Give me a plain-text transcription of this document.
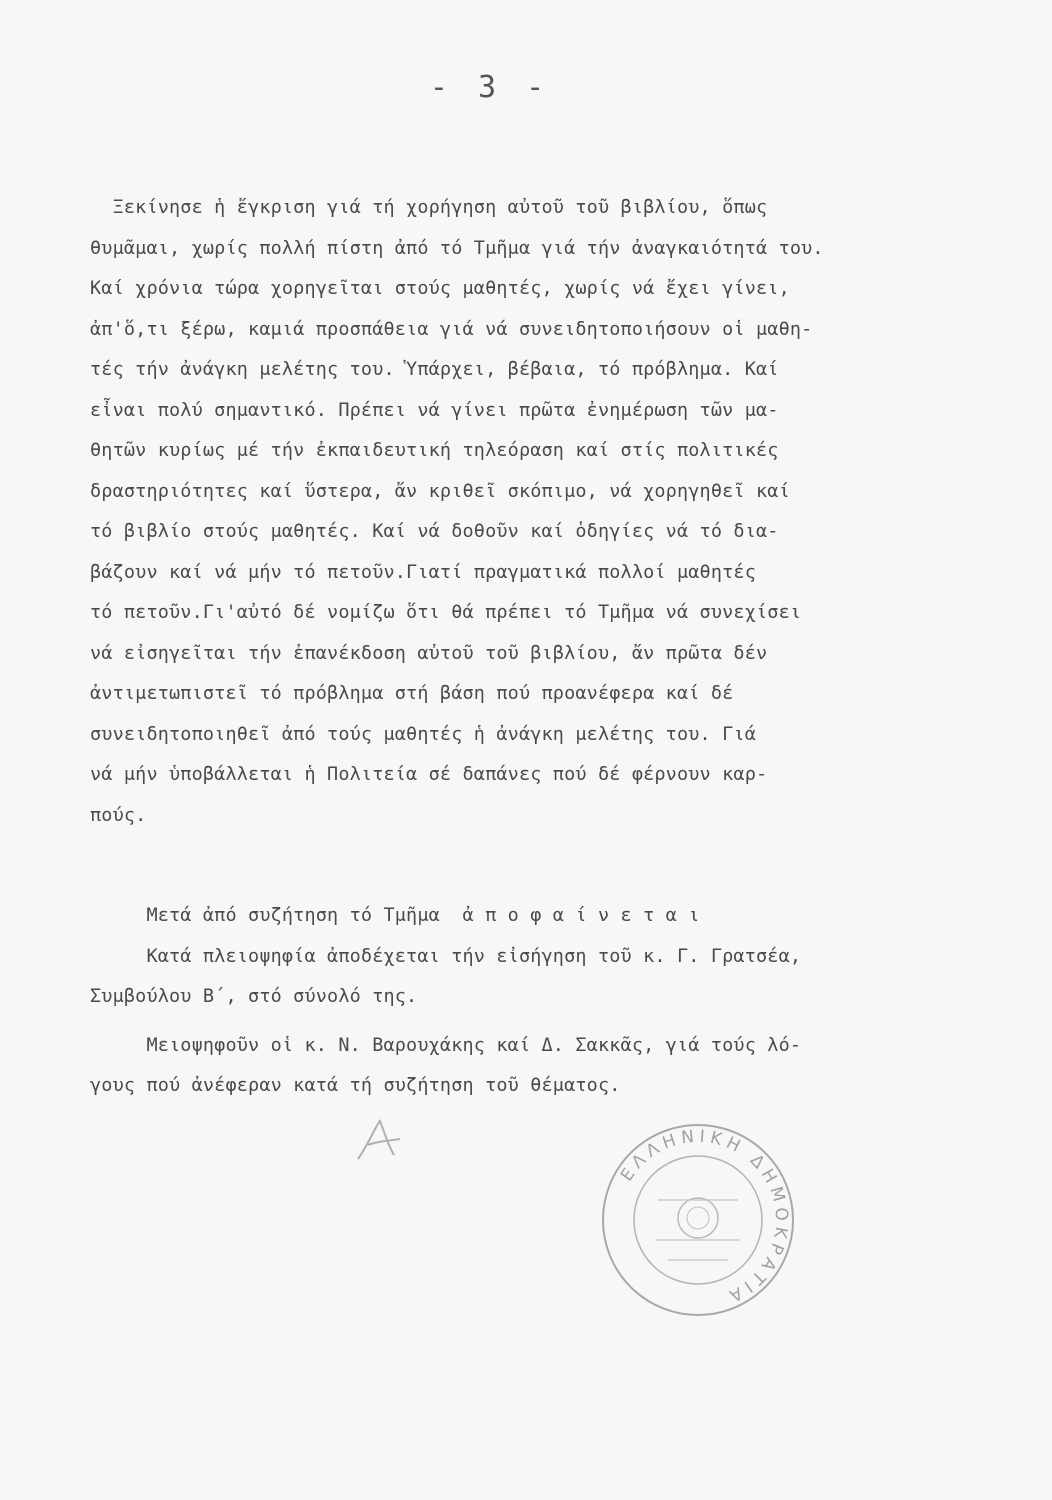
- 3 -
Ξεκίνησε ἡ ἔγκριση γιά τή χορήγηση αὐτοῦ τοῦ βιβλίου, ὅπως
θυμᾶμαι, χωρίς πολλή πίστη ἀπό τό Τμῆμα γιά τήν ἀναγκαιότητά του.
Καί χρόνια τώρα χορηγεῖται στούς μαθητές, χωρίς νά ἔχει γίνει,
ἀπ'ὅ,τι ξέρω, καμιά προσπάθεια γιά νά συνειδητοποιήσουν οἱ μαθη-
τές τήν ἀνάγκη μελέτης του. Ὑπάρχει, βέβαια, τό πρόβλημα. Καί
εἶναι πολύ σημαντικό. Πρέπει νά γίνει πρῶτα ἐνημέρωση τῶν μα-
θητῶν κυρίως μέ τήν ἐκπαιδευτική τηλεόραση καί στίς πολιτικές
δραστηριότητες καί ὕστερα, ἄν κριθεῖ σκόπιμο, νά χορηγηθεῖ καί
τό βιβλίο στούς μαθητές. Καί νά δοθοῦν καί ὁδηγίες νά τό δια-
βάζουν καί νά μήν τό πετοῦν.Γιατί πραγματικά πολλοί μαθητές
τό πετοῦν.Γι'αὐτό δέ νομίζω ὅτι θά πρέπει τό Τμῆμα νά συνεχίσει
νά εἰσηγεῖται τήν ἐπανέκδοση αὐτοῦ τοῦ βιβλίου, ἄν πρῶτα δέν
ἀντιμετωπιστεῖ τό πρόβλημα στή βάση πού προανέφερα καί δέ
συνειδητοποιηθεῖ ἀπό τούς μαθητές ἡ ἀνάγκη μελέτης του. Γιά
νά μήν ὑποβάλλεται ἡ Πολιτεία σέ δαπάνες πού δέ φέρνουν καρ-
πούς.
Μετά ἀπό συζήτηση τό Τμῆμα  ἀ π ο φ α ί ν ε τ α ι
Κατά πλειοψηφία ἀποδέχεται τήν εἰσήγηση τοῦ κ. Γ. Γρατσέα,
Συμβούλου Β΄, στό σύνολό της.
Μειοψηφοῦν οἱ κ. Ν. Βαρουχάκης καί Δ. Σακκᾶς, γιά τούς λό-
γους πού ἀνέφεραν κατά τή συζήτηση τοῦ θέματος.
ΕΛΛΗΝΙΚΗ ΔΗΜΟΚΡΑΤΙΑ
